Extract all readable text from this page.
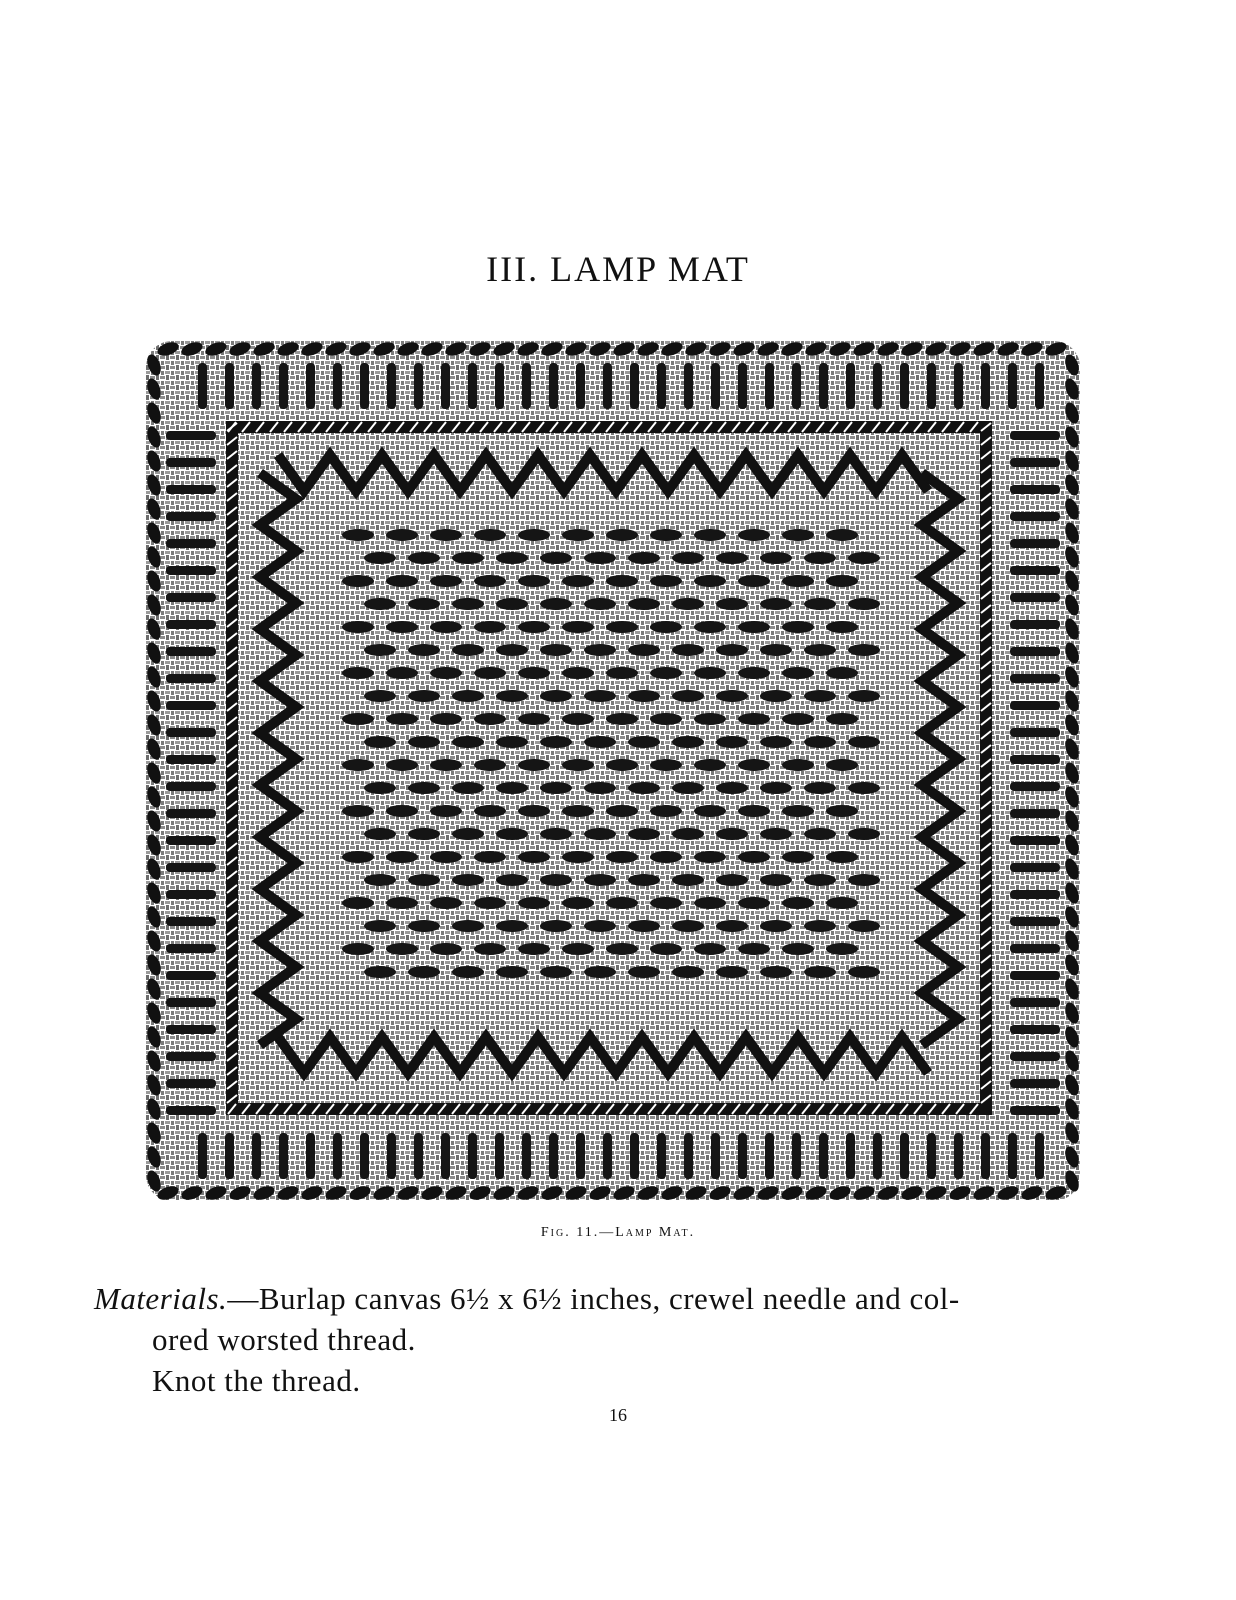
III. LAMP MAT
Fig. 11.—Lamp Mat.
Materials.—Burlap canvas 6½ x 6½ inches, crewel needle and col-
ored worsted thread.
Knot the thread.
16
